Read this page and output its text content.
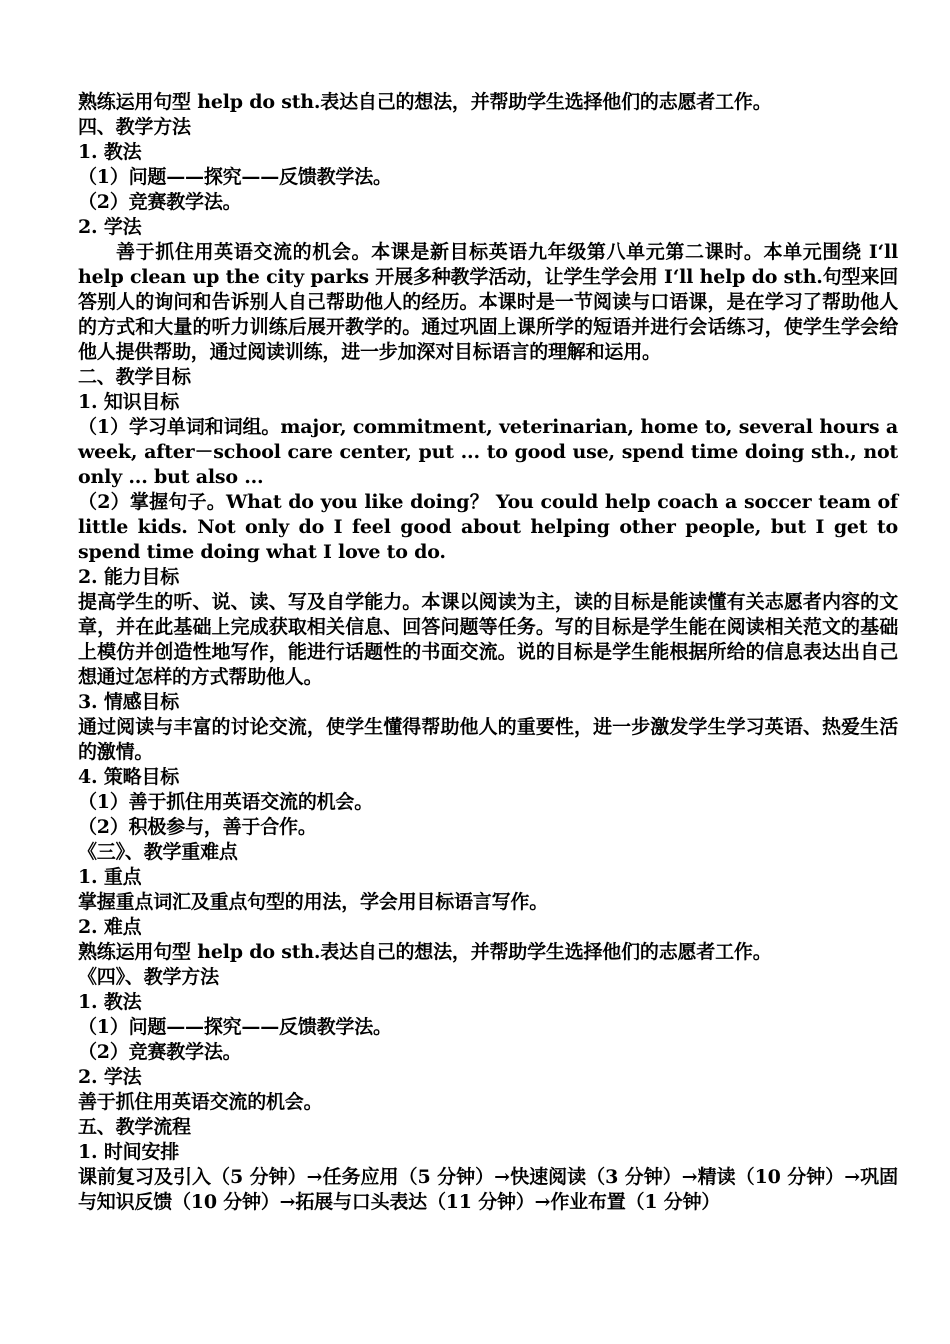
熟练运用句型 help do sth.表达自己的想法，并帮助学生选择他们的志愿者工作。
四、教学方法
1. 教法
（1）问题——探究——反馈教学法。
（2）竞赛教学法。
2. 学法
善于抓住用英语交流的机会。本课是新目标英语九年级第八单元第二课时。本单元围绕 I‘ll help clean up the city parks 开展多种教学活动，让学生学会用 I‘ll help do sth.句型来回答别人的询问和告诉别人自己帮助他人的经历。本课时是一节阅读与口语课，是在学习了帮助他人的方式和大量的听力训练后展开教学的。通过巩固上课所学的短语并进行会话练习，使学生学会给他人提供帮助，通过阅读训练，进一步加深对目标语言的理解和运用。
二、教学目标
1. 知识目标
（1）学习单词和词组。major, commitment, veterinarian, home to, several hours a week, after－school care center, put ... to good use, spend time doing sth., not only ... but also ...
（2）掌握句子。What do you like doing？ You could help coach a soccer team of little kids. Not only do I feel good about helping other people, but I get to spend time doing what I love to do.
2. 能力目标
提高学生的听、说、读、写及自学能力。本课以阅读为主，读的目标是能读懂有关志愿者内容的文章，并在此基础上完成获取相关信息、回答问题等任务。写的目标是学生能在阅读相关范文的基础上模仿并创造性地写作，能进行话题性的书面交流。说的目标是学生能根据所给的信息表达出自己想通过怎样的方式帮助他人。
3. 情感目标
通过阅读与丰富的讨论交流，使学生懂得帮助他人的重要性，进一步激发学生学习英语、热爱生活的激情。
4. 策略目标
（1）善于抓住用英语交流的机会。
（2）积极参与，善于合作。
《三》、教学重难点
1. 重点
掌握重点词汇及重点句型的用法，学会用目标语言写作。
2. 难点
熟练运用句型 help do sth.表达自己的想法，并帮助学生选择他们的志愿者工作。
《四》、教学方法
1. 教法
（1）问题——探究——反馈教学法。
（2）竞赛教学法。
2. 学法
善于抓住用英语交流的机会。
五、教学流程
1. 时间安排
课前复习及引入（5 分钟）→任务应用（5 分钟）→快速阅读（3 分钟）→精读（10 分钟）→巩固与知识反馈（10 分钟）→拓展与口头表达（11 分钟）→作业布置（1 分钟）
